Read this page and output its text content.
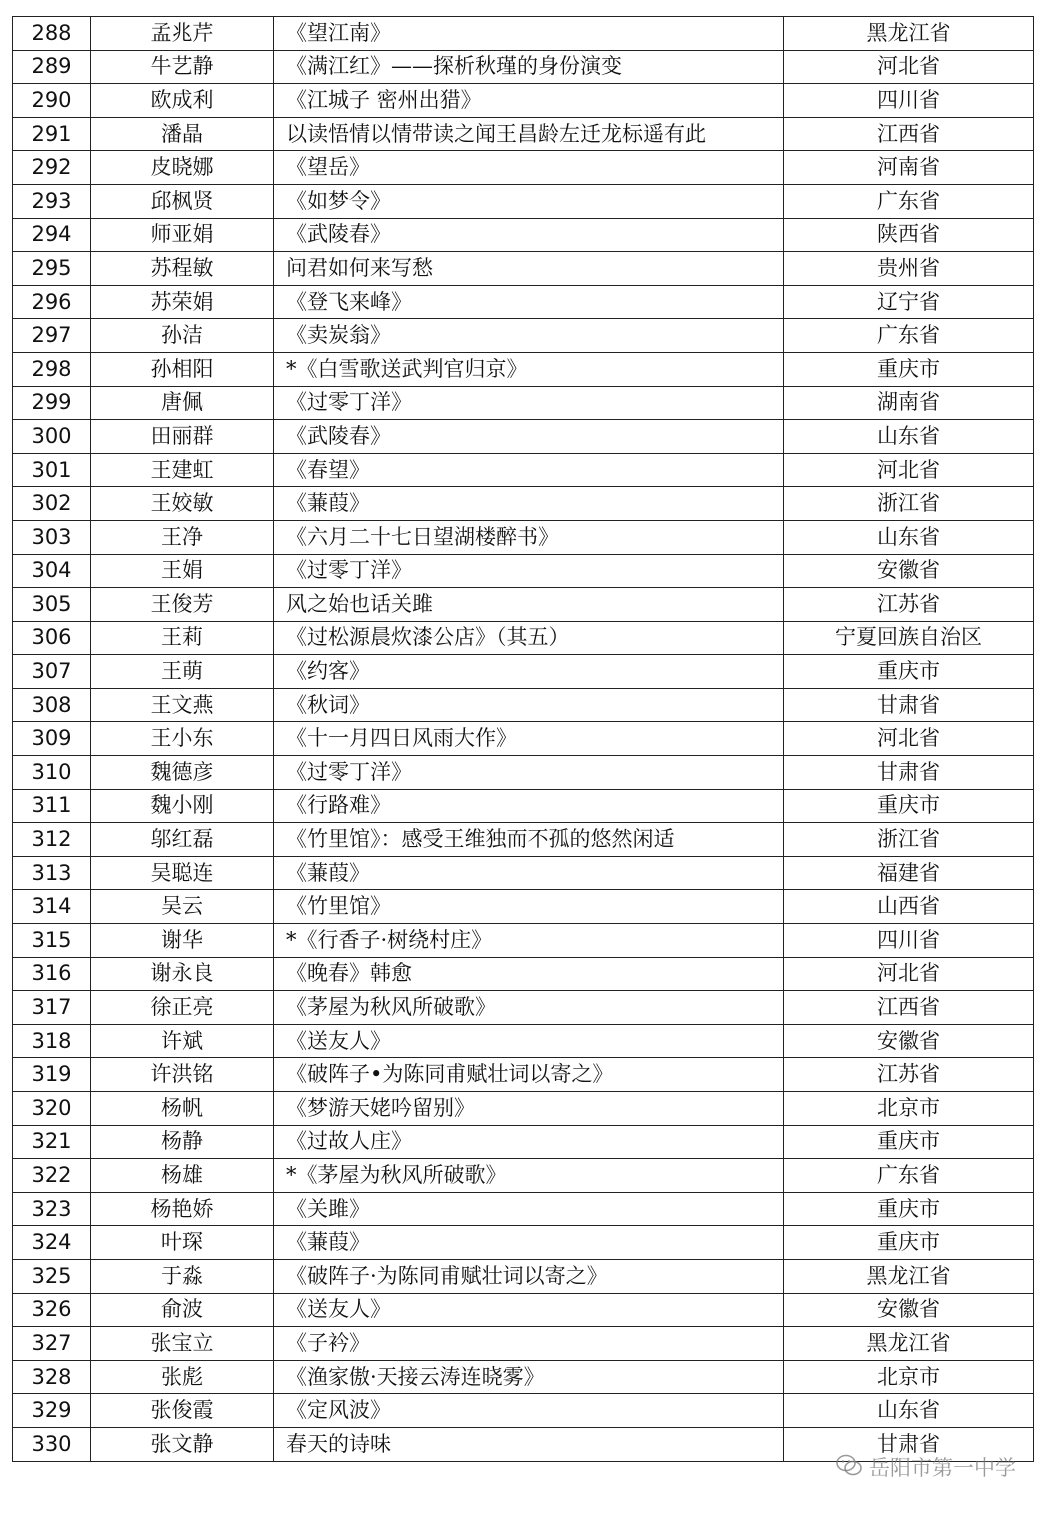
288	孟兆芹	《望江南》	黑龙江省
289	牛艺静	《满江红》——探析秋瑾的身份演变	河北省
290	欧成利	《江城子 密州出猎》	四川省
291	潘晶	以读悟情以情带读之闻王昌龄左迁龙标遥有此	江西省
292	皮晓娜	《望岳》	河南省
293	邱枫贤	《如梦令》	广东省
294	师亚娟	《武陵春》	陕西省
295	苏程敏	问君如何来写愁	贵州省
296	苏荣娟	《登飞来峰》	辽宁省
297	孙洁	《卖炭翁》	广东省
298	孙相阳	*《白雪歌送武判官归京》	重庆市
299	唐佩	《过零丁洋》	湖南省
300	田丽群	《武陵春》	山东省
301	王建虹	《春望》	河北省
302	王姣敏	《蒹葭》	浙江省
303	王净	《六月二十七日望湖楼醉书》	山东省
304	王娟	《过零丁洋》	安徽省
305	王俊芳	风之始也话关雎	江苏省
306	王莉	《过松源晨炊漆公店》（其五）	宁夏回族自治区
307	王萌	《约客》	重庆市
308	王文燕	《秋词》	甘肃省
309	王小东	《十一月四日风雨大作》	河北省
310	魏德彦	《过零丁洋》	甘肃省
311	魏小刚	《行路难》	重庆市
312	邬红磊	《竹里馆》：感受王维独而不孤的悠然闲适	浙江省
313	吴聪连	《蒹葭》	福建省
314	吴云	《竹里馆》	山西省
315	谢华	*《行香子·树绕村庄》	四川省
316	谢永良	《晚春》韩愈	河北省
317	徐正亮	《茅屋为秋风所破歌》	江西省
318	许斌	《送友人》	安徽省
319	许洪铭	《破阵子•为陈同甫赋壮词以寄之》	江苏省
320	杨帆	《梦游天姥吟留别》	北京市
321	杨静	《过故人庄》	重庆市
322	杨雄	*《茅屋为秋风所破歌》	广东省
323	杨艳娇	《关雎》	重庆市
324	叶琛	《蒹葭》	重庆市
325	于淼	《破阵子·为陈同甫赋壮词以寄之》	黑龙江省
326	俞波	《送友人》	安徽省
327	张宝立	《子衿》	黑龙江省
328	张彪	《渔家傲·天接云涛连晓雾》	北京市
329	张俊霞	《定风波》	山东省
330	张文静	春天的诗味	甘肃省
岳阳市第一中学
